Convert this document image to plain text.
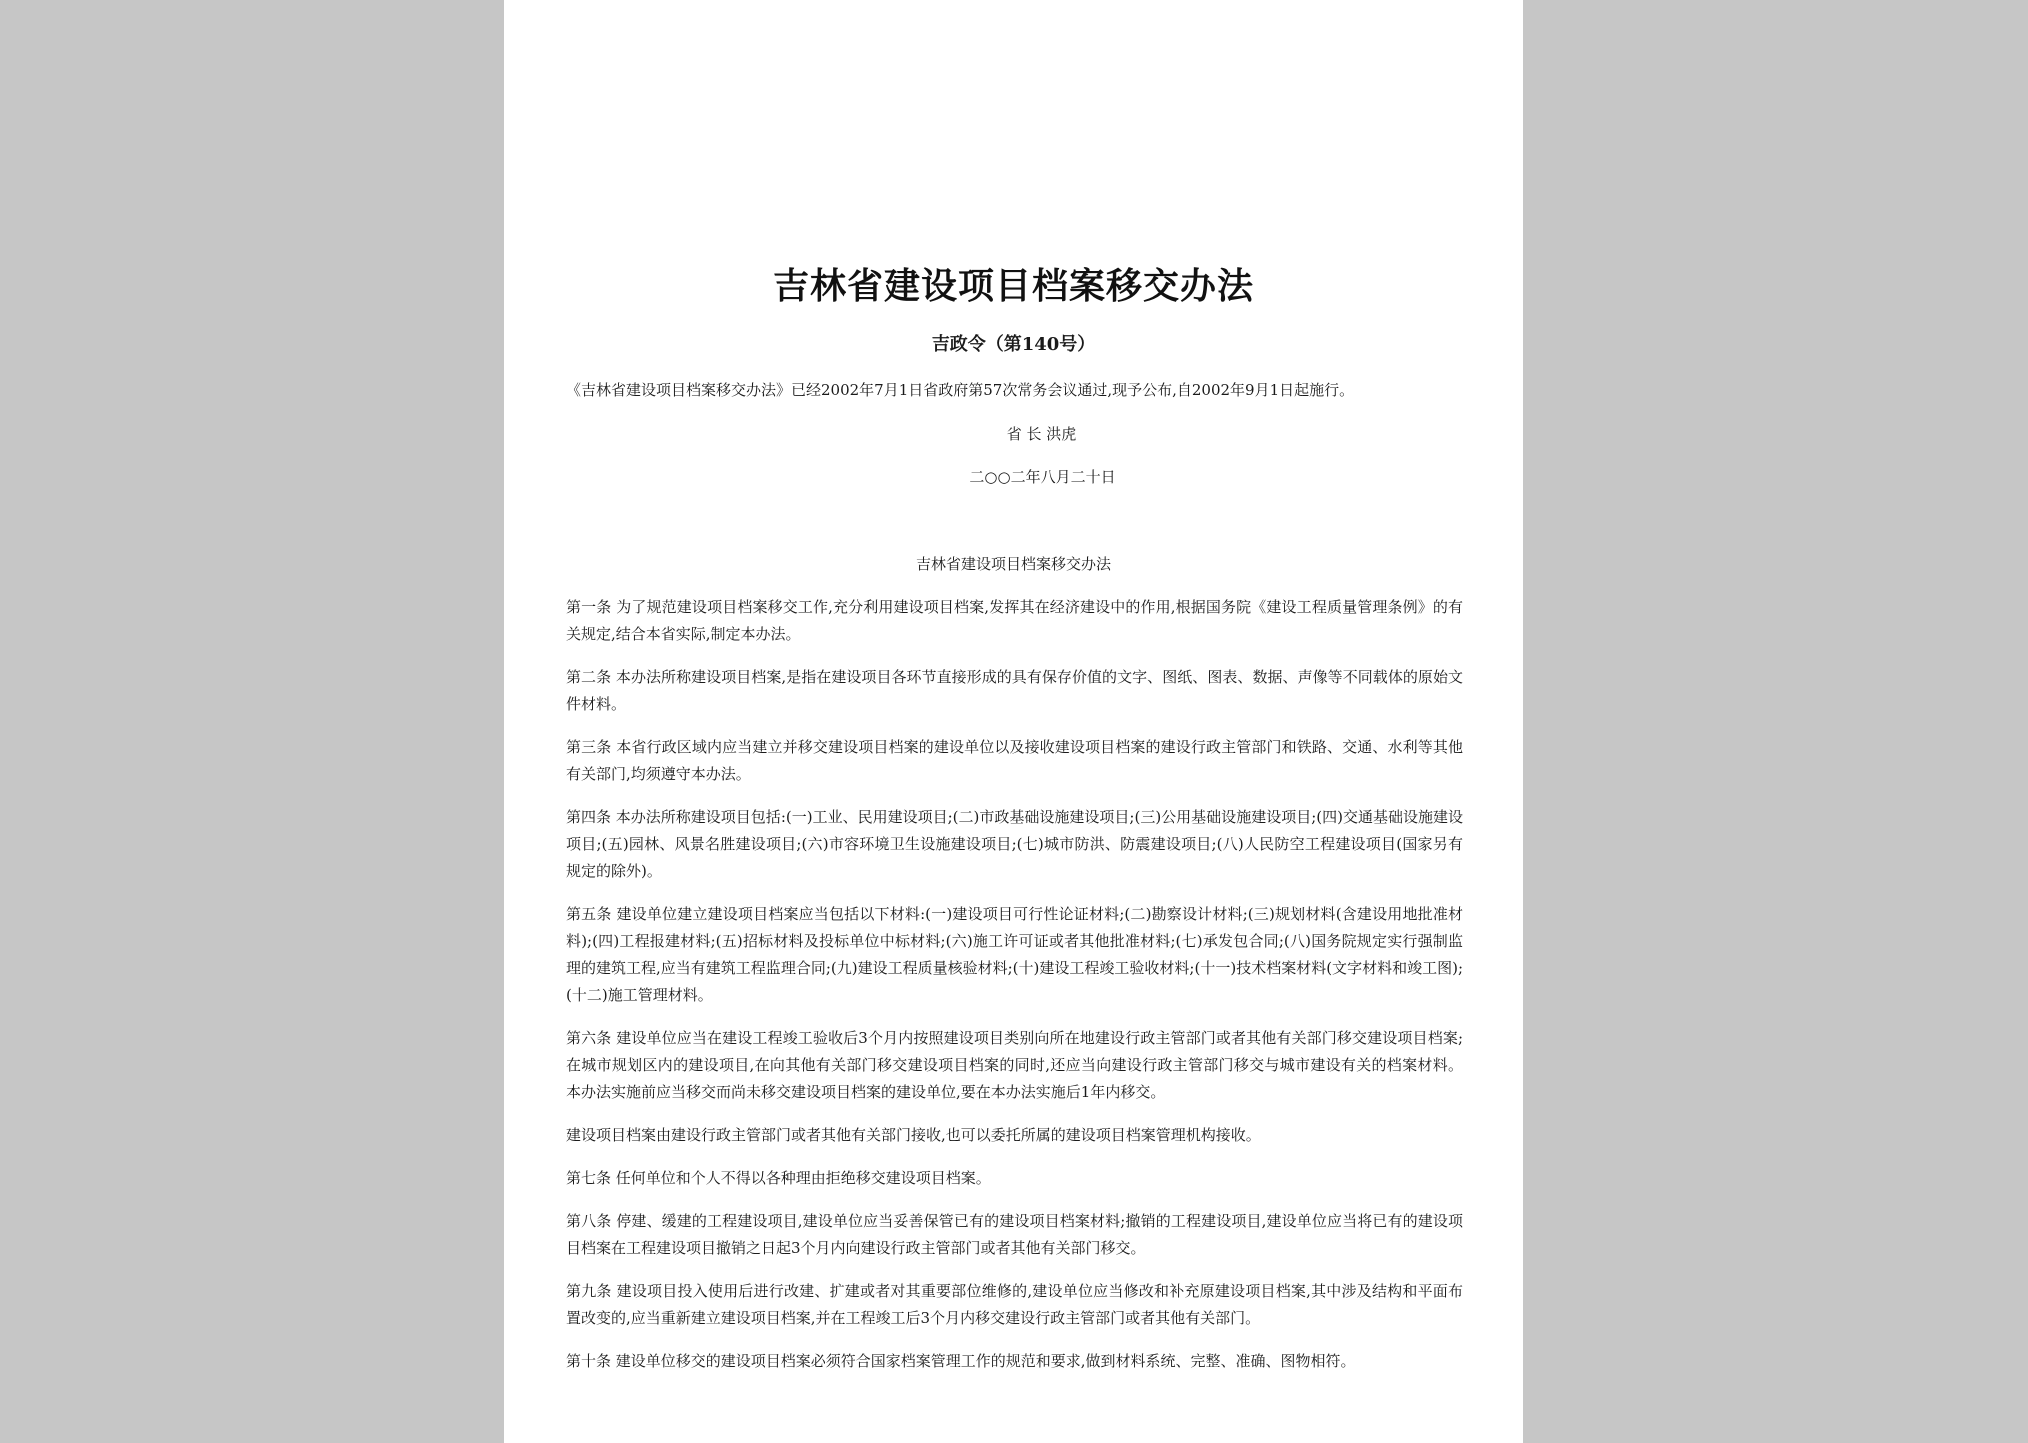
吉林省建设项目档案移交办法
吉政令（第140号）
《吉林省建设项目档案移交办法》已经2002年7月1日省政府第57次常务会议通过,现予公布,自2002年9月1日起施行。
省 长 洪虎
二○○二年八月二十日
吉林省建设项目档案移交办法

第一条 为了规范建设项目档案移交工作,充分利用建设项目档案,发挥其在经济建设中的作用,根据国务院《建设工程质量管理条例》的有关规定,结合本省实际,制定本办法。

第二条 本办法所称建设项目档案,是指在建设项目各环节直接形成的具有保存价值的文字、图纸、图表、数据、声像等不同载体的原始文件材料。

第三条 本省行政区域内应当建立并移交建设项目档案的建设单位以及接收建设项目档案的建设行政主管部门和铁路、交通、水利等其他有关部门,均须遵守本办法。

第四条 本办法所称建设项目包括:(一)工业、民用建设项目;(二)市政基础设施建设项目;(三)公用基础设施建设项目;(四)交通基础设施建设项目;(五)园林、风景名胜建设项目;(六)市容环境卫生设施建设项目;(七)城市防洪、防震建设项目;(八)人民防空工程建设项目(国家另有规定的除外)。

第五条 建设单位建立建设项目档案应当包括以下材料:(一)建设项目可行性论证材料;(二)勘察设计材料;(三)规划材料(含建设用地批准材料);(四)工程报建材料;(五)招标材料及投标单位中标材料;(六)施工许可证或者其他批准材料;(七)承发包合同;(八)国务院规定实行强制监理的建筑工程,应当有建筑工程监理合同;(九)建设工程质量核验材料;(十)建设工程竣工验收材料;(十一)技术档案材料(文字材料和竣工图);(十二)施工管理材料。

第六条 建设单位应当在建设工程竣工验收后3个月内按照建设项目类别向所在地建设行政主管部门或者其他有关部门移交建设项目档案;在城市规划区内的建设项目,在向其他有关部门移交建设项目档案的同时,还应当向建设行政主管部门移交与城市建设有关的档案材料。 本办法实施前应当移交而尚未移交建设项目档案的建设单位,要在本办法实施后1年内移交。

建设项目档案由建设行政主管部门或者其他有关部门接收,也可以委托所属的建设项目档案管理机构接收。

第七条 任何单位和个人不得以各种理由拒绝移交建设项目档案。

第八条 停建、缓建的工程建设项目,建设单位应当妥善保管已有的建设项目档案材料;撤销的工程建设项目,建设单位应当将已有的建设项目档案在工程建设项目撤销之日起3个月内向建设行政主管部门或者其他有关部门移交。

第九条 建设项目投入使用后进行改建、扩建或者对其重要部位维修的,建设单位应当修改和补充原建设项目档案,其中涉及结构和平面布置改变的,应当重新建立建设项目档案,并在工程竣工后3个月内移交建设行政主管部门或者其他有关部门。

第十条 建设单位移交的建设项目档案必须符合国家档案管理工作的规范和要求,做到材料系统、完整、准确、图物相符。
